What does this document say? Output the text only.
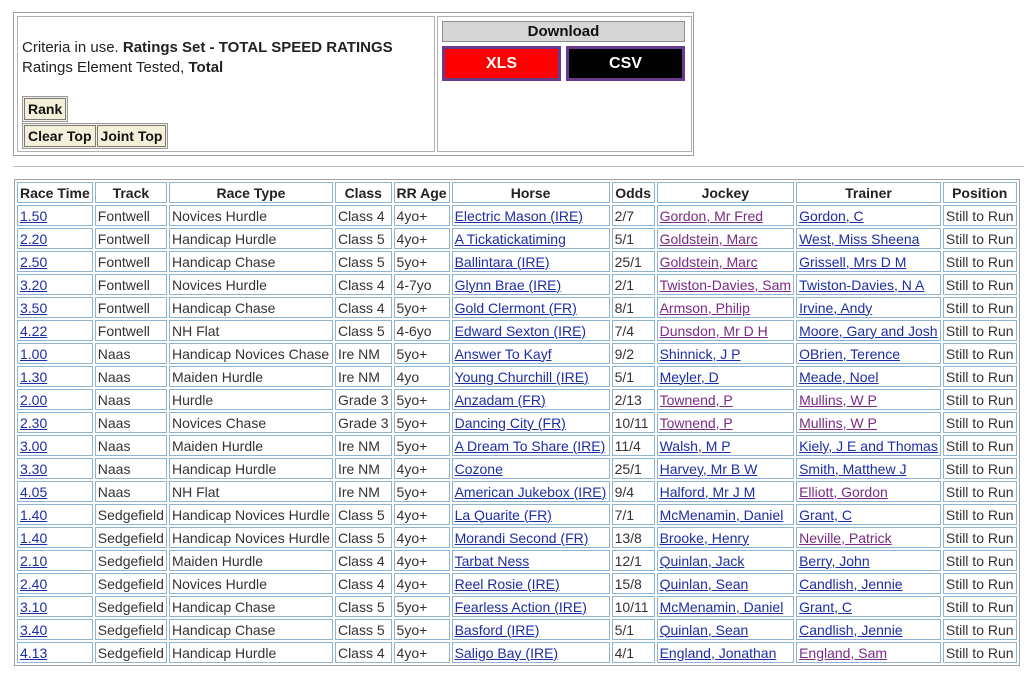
Criteria in use. Ratings Set - TOTAL SPEED RATINGS
Ratings Element Tested, Total
Rank
Clear Top Joint Top
Download
XLS	CSV
Race Time	Track	Race Type	Class	RR Age	Horse	Odds	Jockey	Trainer	Position
1.50	Fontwell	Novices Hurdle	Class 4	4yo+	Electric Mason (IRE)	2/7	Gordon, Mr Fred	Gordon, C	Still to Run
2.20	Fontwell	Handicap Hurdle	Class 5	4yo+	A Tickatickatiming	5/1	Goldstein, Marc	West, Miss Sheena	Still to Run
2.50	Fontwell	Handicap Chase	Class 5	5yo+	Ballintara (IRE)	25/1	Goldstein, Marc	Grissell, Mrs D M	Still to Run
3.20	Fontwell	Novices Hurdle	Class 4	4-7yo	Glynn Brae (IRE)	2/1	Twiston-Davies, Sam	Twiston-Davies, N A	Still to Run
3.50	Fontwell	Handicap Chase	Class 4	5yo+	Gold Clermont (FR)	8/1	Armson, Philip	Irvine, Andy	Still to Run
4.22	Fontwell	NH Flat	Class 5	4-6yo	Edward Sexton (IRE)	7/4	Dunsdon, Mr D H	Moore, Gary and Josh	Still to Run
1.00	Naas	Handicap Novices Chase	Ire NM	5yo+	Answer To Kayf	9/2	Shinnick, J P	OBrien, Terence	Still to Run
1.30	Naas	Maiden Hurdle	Ire NM	4yo	Young Churchill (IRE)	5/1	Meyler, D	Meade, Noel	Still to Run
2.00	Naas	Hurdle	Grade 3	5yo+	Anzadam (FR)	2/13	Townend, P	Mullins, W P	Still to Run
2.30	Naas	Novices Chase	Grade 3	5yo+	Dancing City (FR)	10/11	Townend, P	Mullins, W P	Still to Run
3.00	Naas	Maiden Hurdle	Ire NM	5yo+	A Dream To Share (IRE)	11/4	Walsh, M P	Kiely, J E and Thomas	Still to Run
3.30	Naas	Handicap Hurdle	Ire NM	4yo+	Cozone	25/1	Harvey, Mr B W	Smith, Matthew J	Still to Run
4.05	Naas	NH Flat	Ire NM	5yo+	American Jukebox (IRE)	9/4	Halford, Mr J M	Elliott, Gordon	Still to Run
1.40	Sedgefield	Handicap Novices Hurdle	Class 5	4yo+	La Quarite (FR)	7/1	McMenamin, Daniel	Grant, C	Still to Run
1.40	Sedgefield	Handicap Novices Hurdle	Class 5	4yo+	Morandi Second (FR)	13/8	Brooke, Henry	Neville, Patrick	Still to Run
2.10	Sedgefield	Maiden Hurdle	Class 4	4yo+	Tarbat Ness	12/1	Quinlan, Jack	Berry, John	Still to Run
2.40	Sedgefield	Novices Hurdle	Class 4	4yo+	Reel Rosie (IRE)	15/8	Quinlan, Sean	Candlish, Jennie	Still to Run
3.10	Sedgefield	Handicap Chase	Class 5	5yo+	Fearless Action (IRE)	10/11	McMenamin, Daniel	Grant, C	Still to Run
3.40	Sedgefield	Handicap Chase	Class 5	5yo+	Basford (IRE)	5/1	Quinlan, Sean	Candlish, Jennie	Still to Run
4.13	Sedgefield	Handicap Hurdle	Class 4	4yo+	Saligo Bay (IRE)	4/1	England, Jonathan	England, Sam	Still to Run
